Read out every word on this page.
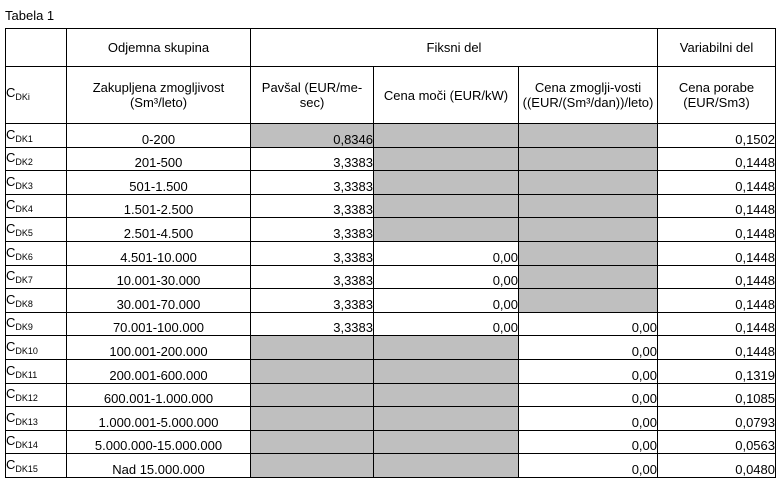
Tabela 1
	Odjemna skupina	Fiksni del			Variabilni del
$C_{DKi}$	Zakupljena zmogljivost (Sm³/leto)	Pavšal (EUR/me-sec)	Cena moči (EUR/kW)	Cena zmoglji-vosti ((EUR/(Sm³/dan))/leto)	Cena porabe (EUR/Sm3)
$C_{DK1}$	0-200	0,8346			0,1502
$C_{DK2}$	201-500	3,3383			0,1448
$C_{DK3}$	501-1.500	3,3383			0,1448
$C_{DK4}$	1.501-2.500	3,3383			0,1448
$C_{DK5}$	2.501-4.500	3,3383			0,1448
$C_{DK6}$	4.501-10.000	3,3383	0,00		0,1448
$C_{DK7}$	10.001-30.000	3,3383	0,00		0,1448
$C_{DK8}$	30.001-70.000	3,3383	0,00		0,1448
$C_{DK9}$	70.001-100.000	3,3383	0,00	0,00	0,1448
$C_{DK10}$	100.001-200.000			0,00	0,1448
$C_{DK11}$	200.001-600.000			0,00	0,1319
$C_{DK12}$	600.001-1.000.000			0,00	0,1085
$C_{DK13}$	1.000.001-5.000.000			0,00	0,0793
$C_{DK14}$	5.000.000-15.000.000			0,00	0,0563
$C_{DK15}$	Nad 15.000.000			0,00	0,0480
